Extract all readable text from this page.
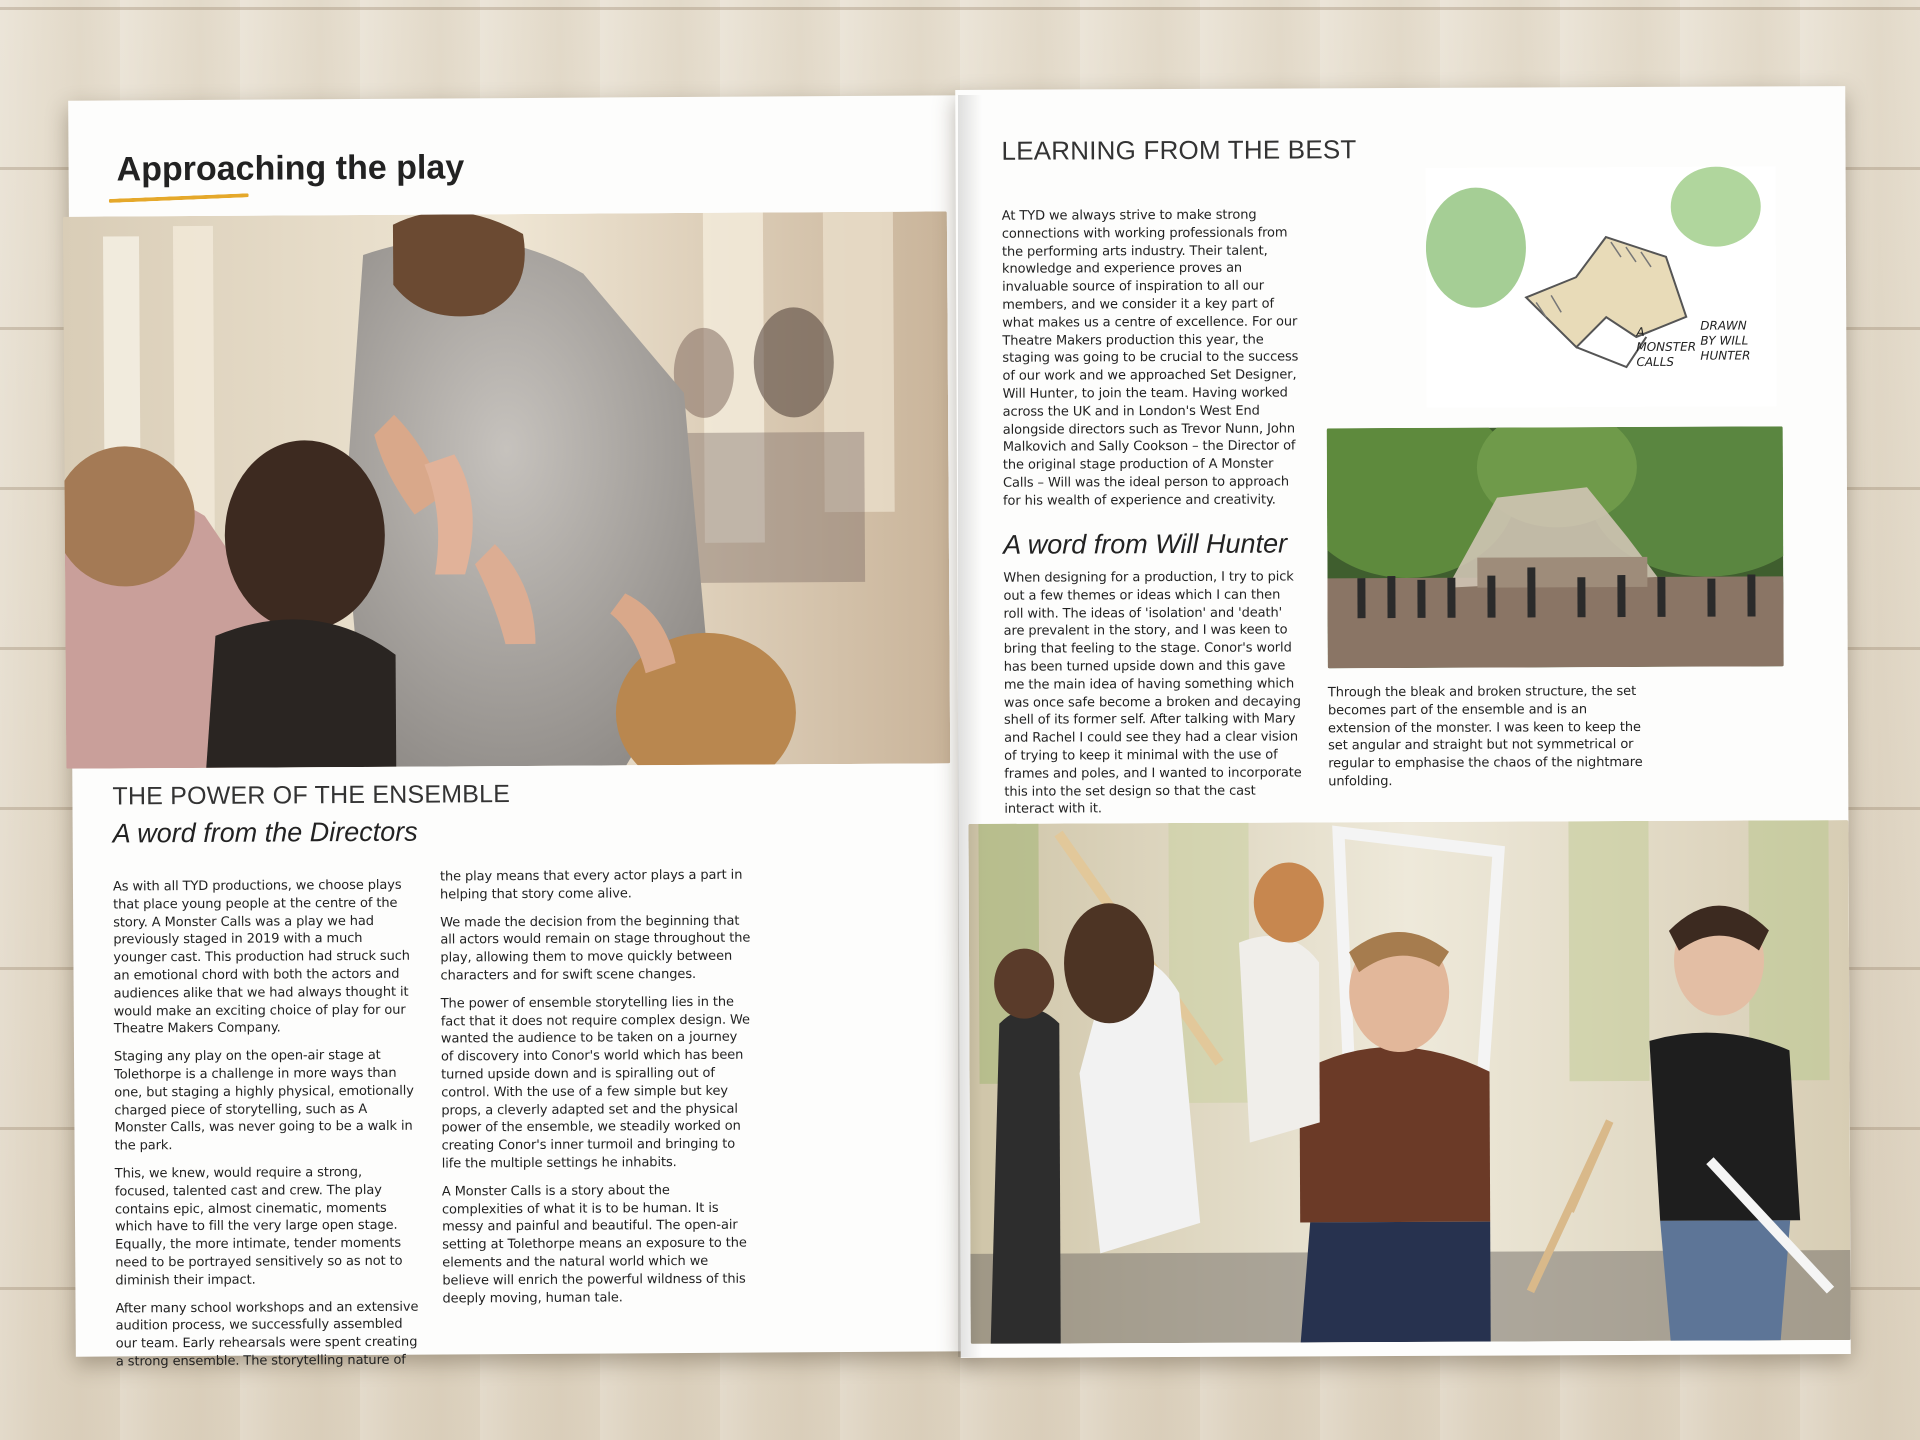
Approaching the play
THE POWER OF THE ENSEMBLE
A word from the Directors

As with all TYD productions, we choose plays that place young people at the centre of the story. A Monster Calls was a play we had previously staged in 2019 with a much younger cast. This production had struck such an emotional chord with both the actors and audiences alike that we had always thought it would make an exciting choice of play for our Theatre Makers Company.

Staging any play on the open-air stage at Tolethorpe is a challenge in more ways than one, but staging a highly physical, emotionally charged piece of storytelling, such as A Monster Calls, was never going to be a walk in the park.

This, we knew, would require a strong, focused, talented cast and crew. The play contains epic, almost cinematic, moments which have to fill the very large open stage. Equally, the more intimate, tender moments need to be portrayed sensitively so as not to diminish their impact.

After many school workshops and an extensive audition process, we successfully assembled our team. Early rehearsals were spent creating a strong ensemble. The storytelling nature of

the play means that every actor plays a part in helping that story come alive.

We made the decision from the beginning that all actors would remain on stage throughout the play, allowing them to move quickly between characters and for swift scene changes.

The power of ensemble storytelling lies in the fact that it does not require complex design. We wanted the audience to be taken on a journey of discovery into Conor's world which has been turned upside down and is spiralling out of control. With the use of a few simple but key props, a cleverly adapted set and the physical power of the ensemble, we steadily worked on creating Conor's inner turmoil and bringing to life the multiple settings he inhabits.

A Monster Calls is a story about the complexities of what it is to be human. It is messy and painful and beautiful. The open-air setting at Tolethorpe means an exposure to the elements and the natural world which we believe will enrich the powerful wildness of this deeply moving, human tale.

LEARNING FROM THE BEST
At TYD we always strive to make strong connections with working professionals from the performing arts industry. Their talent, knowledge and experience proves an invaluable source of inspiration to all our members, and we consider it a key part of what makes us a centre of excellence. For our Theatre Makers production this year, the staging was going to be crucial to the success of our work and we approached Set Designer, Will Hunter, to join the team. Having worked across the UK and in London's West End alongside directors such as Trevor Nunn, John Malkovich and Sally Cookson – the Director of the original stage production of A Monster Calls – Will was the ideal person to approach for his wealth of experience and creativity.
A MONSTER CALLS
DRAWN BY WILL HUNTER
A word from Will Hunter
When designing for a production, I try to pick out a few themes or ideas which I can then roll with. The ideas of 'isolation' and 'death' are prevalent in the story, and I was keen to bring that feeling to the stage. Conor's world has been turned upside down and this gave me the main idea of having something which was once safe become a broken and decaying shell of its former self. After talking with Mary and Rachel I could see they had a clear vision of trying to keep it minimal with the use of frames and poles, and I wanted to incorporate this into the set design so that the cast interact with it.
Through the bleak and broken structure, the set becomes part of the ensemble and is an extension of the monster. I was keen to keep the set angular and straight but not symmetrical or regular to emphasise the chaos of the nightmare unfolding.
